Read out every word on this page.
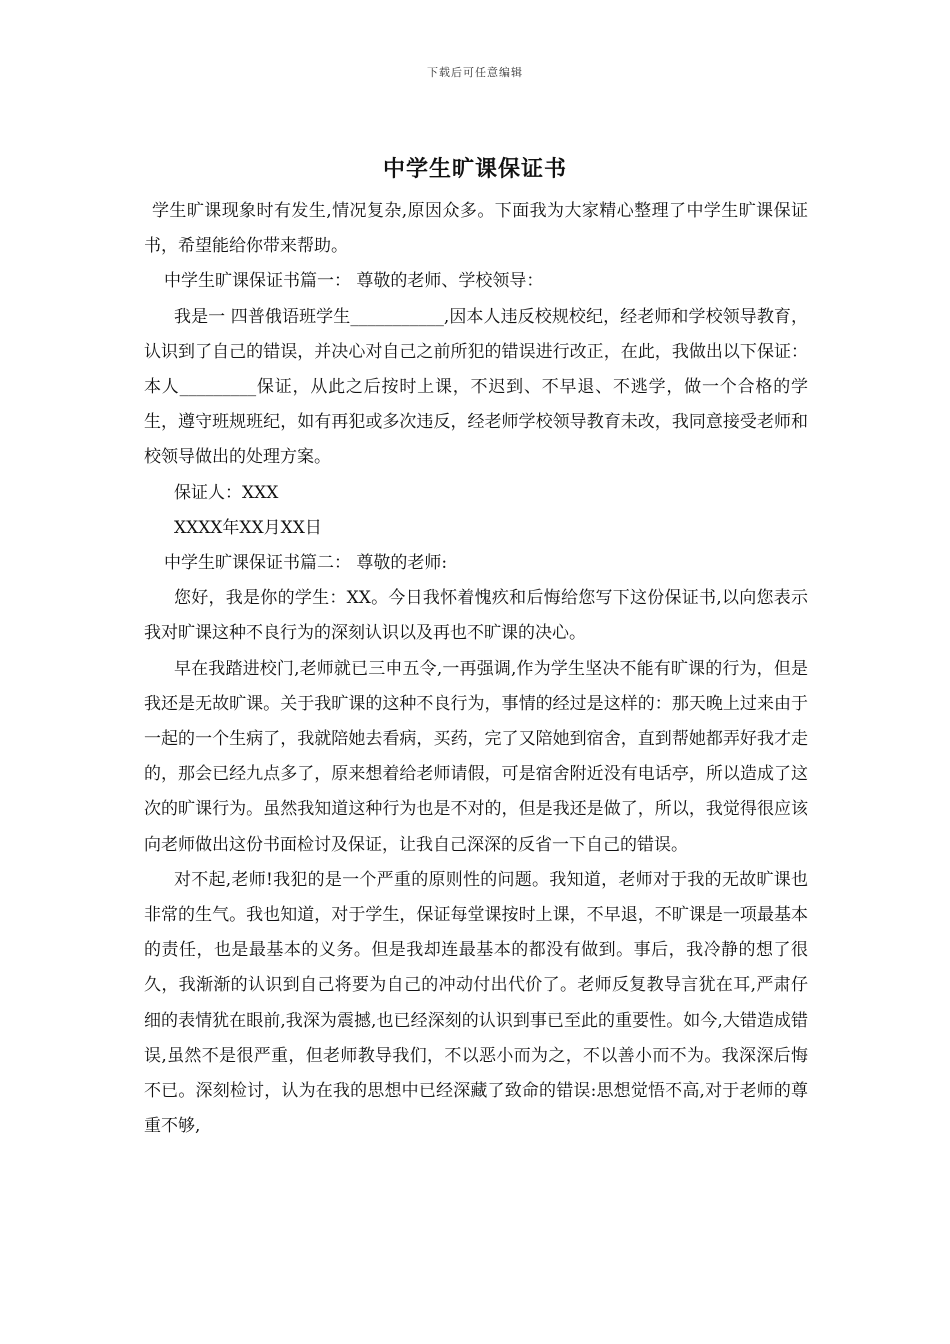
下载后可任意编辑
中学生旷课保证书

学生旷课现象时有发生,情况复杂,原因众多。下面我为大家精心整理了中学生旷课保证书，希望能给你带来帮助。

中学生旷课保证书篇一： 尊敬的老师、学校领导：

我是一 四普俄语班学生___________,因本人违反校规校纪，经老师和学校领导教育，认识到了自己的错误，并决心对自己之前所犯的错误进行改正，在此，我做出以下保证： 本人_________保证，从此之后按时上课，不迟到、不早退、不逃学，做一个合格的学生，遵守班规班纪，如有再犯或多次违反，经老师学校领导教育未改，我同意接受老师和校领导做出的处理方案。

保证人：XXX

XXXX年XX月XX日

中学生旷课保证书篇二： 尊敬的老师:

您好，我是你的学生：XX。今日我怀着愧疚和后悔给您写下这份保证书,以向您表示我对旷课这种不良行为的深刻认识以及再也不旷课的决心。

早在我踏进校门,老师就已三申五令,一再强调,作为学生坚决不能有旷课的行为，但是我还是无故旷课。关于我旷课的这种不良行为，事情的经过是这样的：那天晚上过来由于一起的一个生病了，我就陪她去看病，买药，完了又陪她到宿舍，直到帮她都弄好我才走的，那会已经九点多了，原来想着给老师请假，可是宿舍附近没有电话亭，所以造成了这次的旷课行为。虽然我知道这种行为也是不对的，但是我还是做了，所以，我觉得很应该向老师做出这份书面检讨及保证，让我自己深深的反省一下自己的错误。

对不起,老师!我犯的是一个严重的原则性的问题。我知道，老师对于我的无故旷课也非常的生气。我也知道，对于学生，保证每堂课按时上课，不早退，不旷课是一项最基本的责任，也是最基本的义务。但是我却连最基本的都没有做到。事后，我冷静的想了很久，我渐渐的认识到自己将要为自己的冲动付出代价了。老师反复教导言犹在耳,严肃仔细的表情犹在眼前,我深为震撼,也已经深刻的认识到事已至此的重要性。如今,大错造成错误,虽然不是很严重，但老师教导我们，不以恶小而为之，不以善小而不为。我深深后悔不已。深刻检讨，认为在我的思想中已经深藏了致命的错误:思想觉悟不高,对于老师的尊重不够,
